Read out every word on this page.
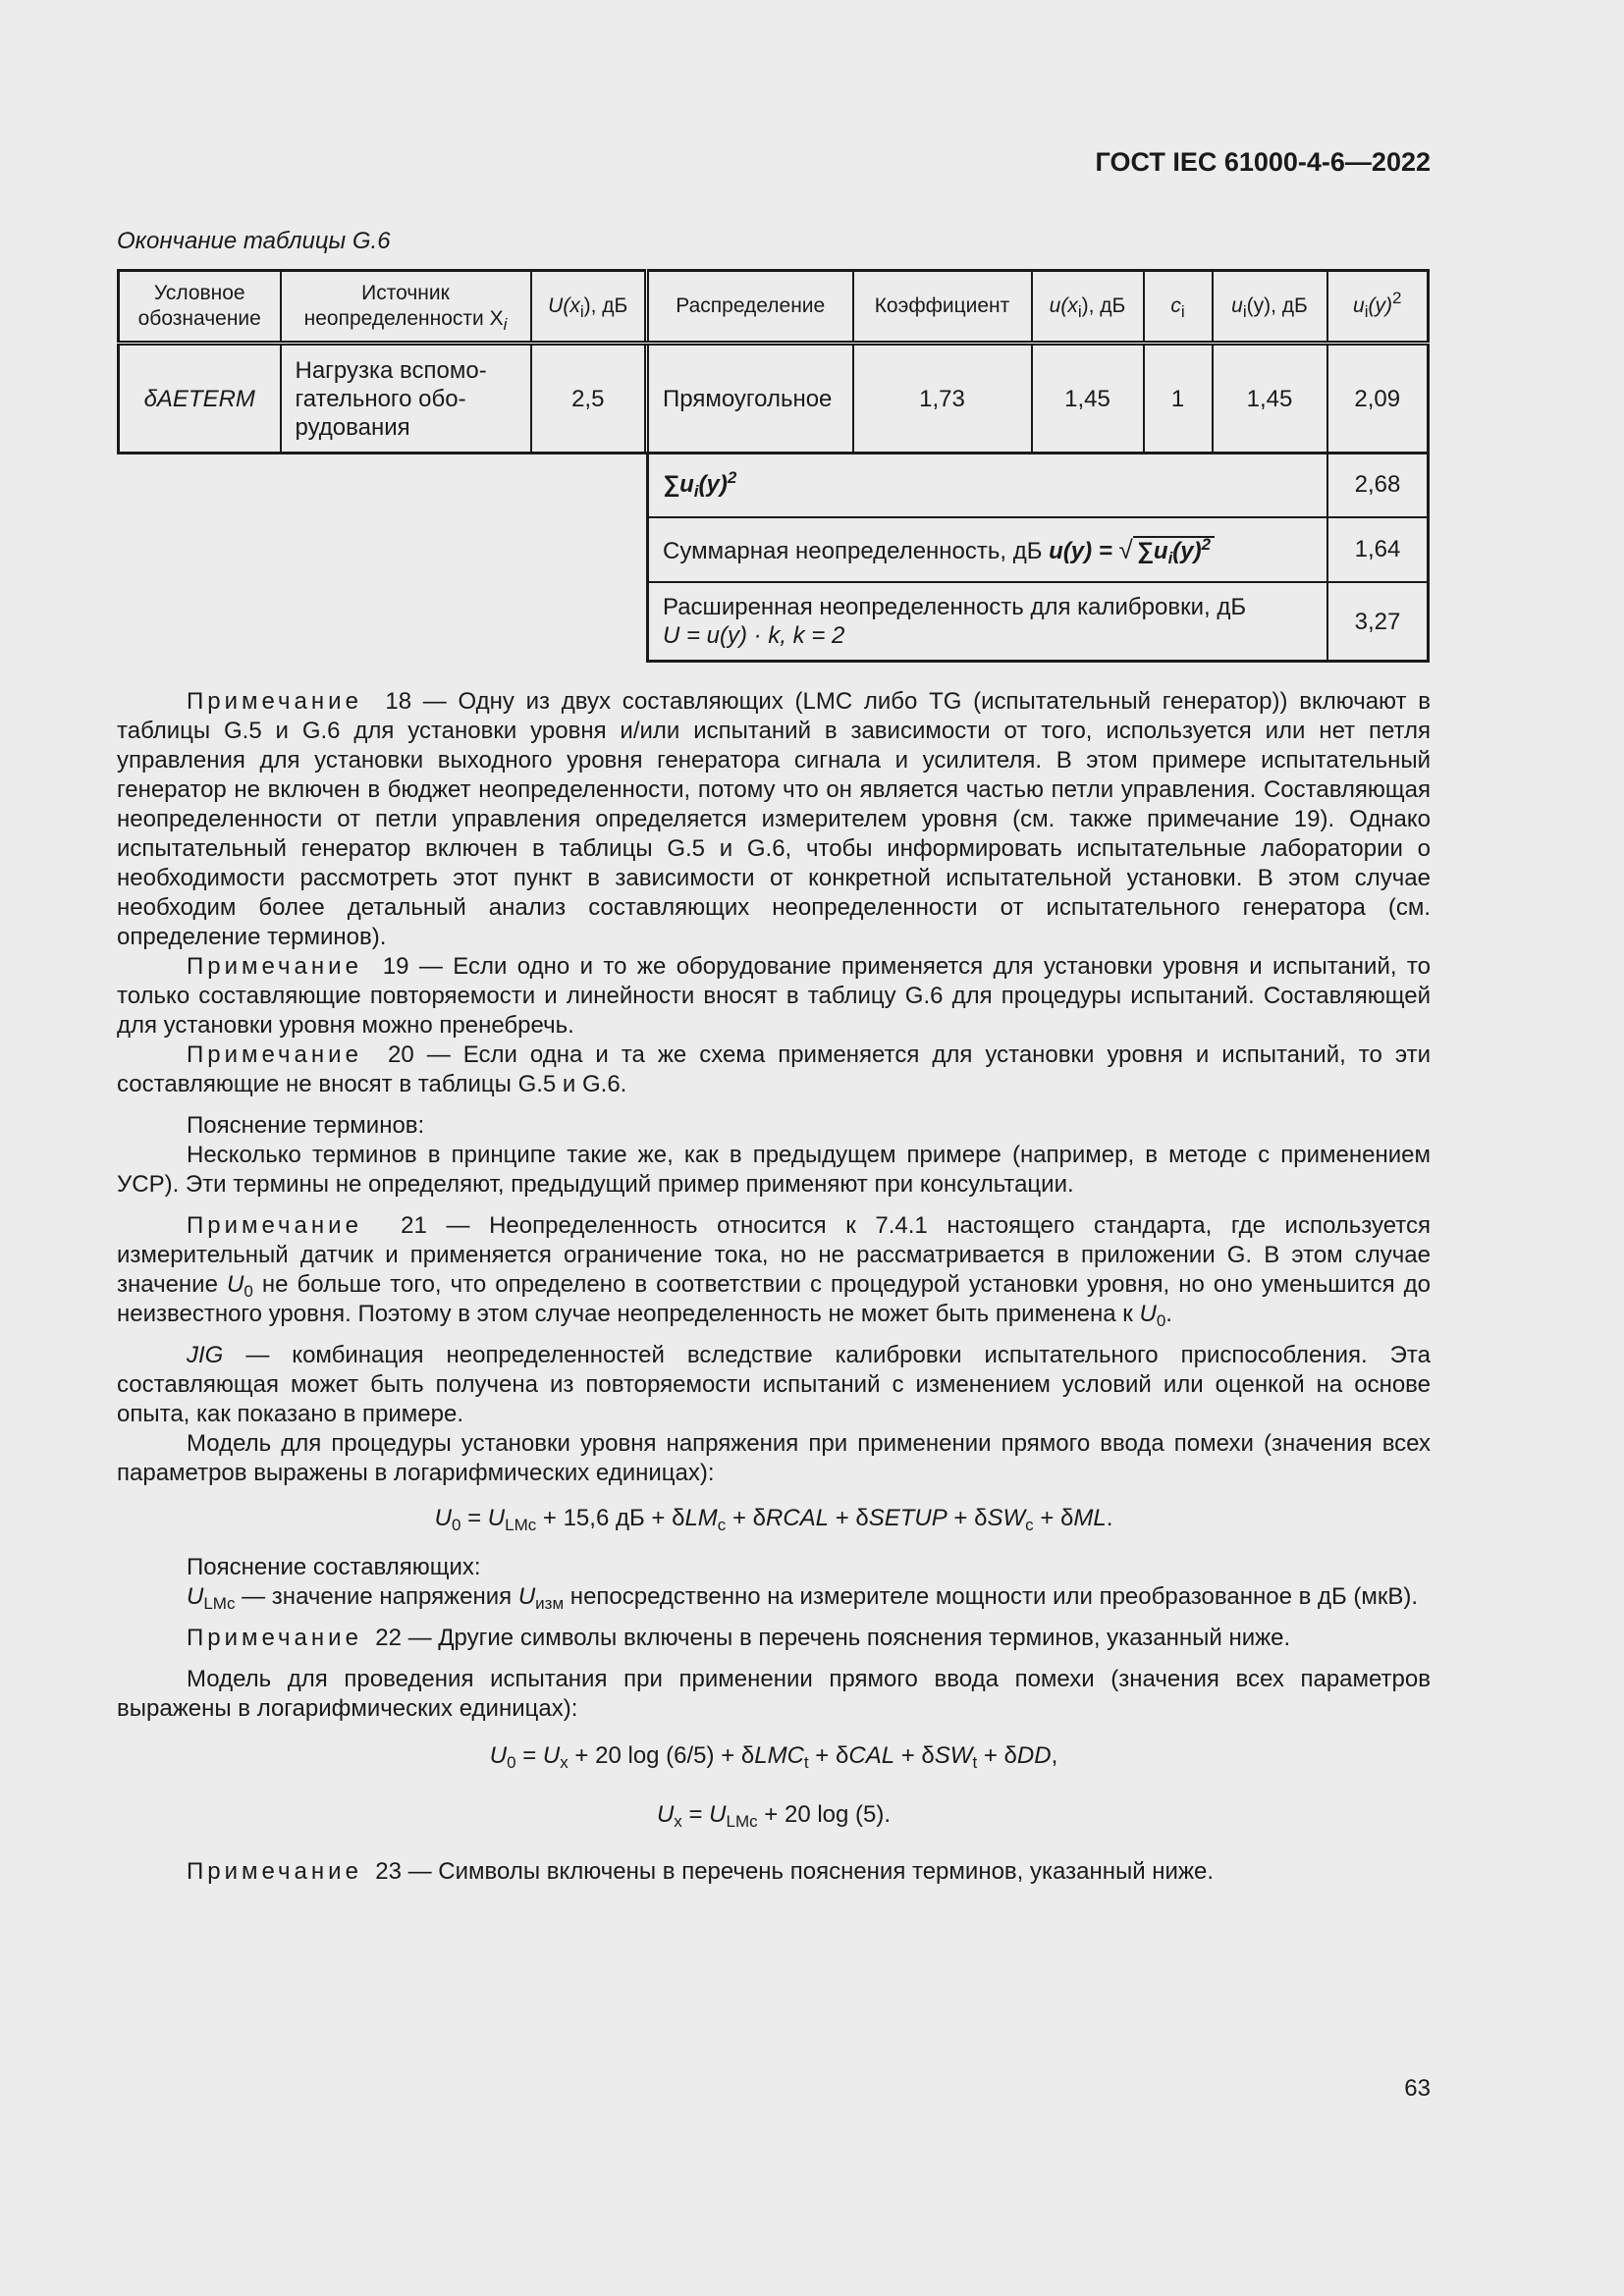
ГОСТ IEC 61000-4-6—2022
Окончание таблицы G.6
Условное обозначение	Источник неопределенности $X_i$	$U(x_i)$, дБ	Распределение	Коэффициент	$u(x_i)$, дБ	$c_i$	$u_i(y)$, дБ	$u_i(y)^2$
δAETERM	Нагрузка вспомо-
гательного обо-
рудования	2,5	Прямоугольное	1,73	1,45	1	1,45	2,09
$\sum u_i(y)^2$	2,68
Суммарная неопределенность, дБ u(y) = √ $\sum u_i(y)^2$	1,64
Расширенная неопределенность для калибровки, дБ
U = u(y) · k, k = 2	3,27

Примечание 18 — Одну из двух составляющих (LMC либо TG (испытательный генератор)) включают в таблицы G.5 и G.6 для установки уровня и/или испытаний в зависимости от того, используется или нет петля управления для установки выходного уровня генератора сигнала и усилителя. В этом примере испытательный генератор не включен в бюджет неопределенности, потому что он является частью петли управления. Составляющая неопределенности от петли управления определяется измерителем уровня (см. также примечание 19). Однако испытательный генератор включен в таблицы G.5 и G.6, чтобы информировать испытательные лаборатории о необходимости рассмотреть этот пункт в зависимости от конкретной испытательной установки. В этом случае необходим более детальный анализ составляющих неопределенности от испытательного генератора (см. определение терминов).

Примечание 19 — Если одно и то же оборудование применяется для установки уровня и испытаний, то только составляющие повторяемости и линейности вносят в таблицу G.6 для процедуры испытаний. Составляющей для установки уровня можно пренебречь.

Примечание 20 — Если одна и та же схема применяется для установки уровня и испытаний, то эти составляющие не вносят в таблицы G.5 и G.6.

Пояснение терминов:

Несколько терминов в принципе такие же, как в предыдущем примере (например, в методе с применением УСР). Эти термины не определяют, предыдущий пример применяют при консультации.

Примечание 21 — Неопределенность относится к 7.4.1 настоящего стандарта, где используется измерительный датчик и применяется ограничение тока, но не рассматривается в приложении G. В этом случае значение $U_0$ не больше того, что определено в соответствии с процедурой установки уровня, но оно уменьшится до неизвестного уровня. Поэтому в этом случае неопределенность не может быть применена к $U_0$.

JIG — комбинация неопределенностей вследствие калибровки испытательного приспособления. Эта составляющая может быть получена из повторяемости испытаний с изменением условий или оценкой на основе опыта, как показано в примере.

Модель для процедуры установки уровня напряжения при применении прямого ввода помехи (значения всех параметров выражены в логарифмических единицах):

$U_0 = U_{LMc} + 15,6$ дБ + δLM$_c$ + δRCAL + δSETUP + δSW$_c$ + δML.

Пояснение составляющих:

$U_{LMc}$ — значение напряжения $U_{изм}$ непосредственно на измерителе мощности или преобразованное в дБ (мкВ).

Примечание 22 — Другие символы включены в перечень пояснения терминов, указанный ниже.

Модель для проведения испытания при применении прямого ввода помехи (значения всех параметров выражены в логарифмических единицах):

$U_0 = U_x + 20$ log (6/5) + δLMC$_t$ + δCAL + δSW$_t$ + δDD,

$U_x = U_{LMc} + 20$ log (5).

Примечание 23 — Символы включены в перечень пояснения терминов, указанный ниже.

63
